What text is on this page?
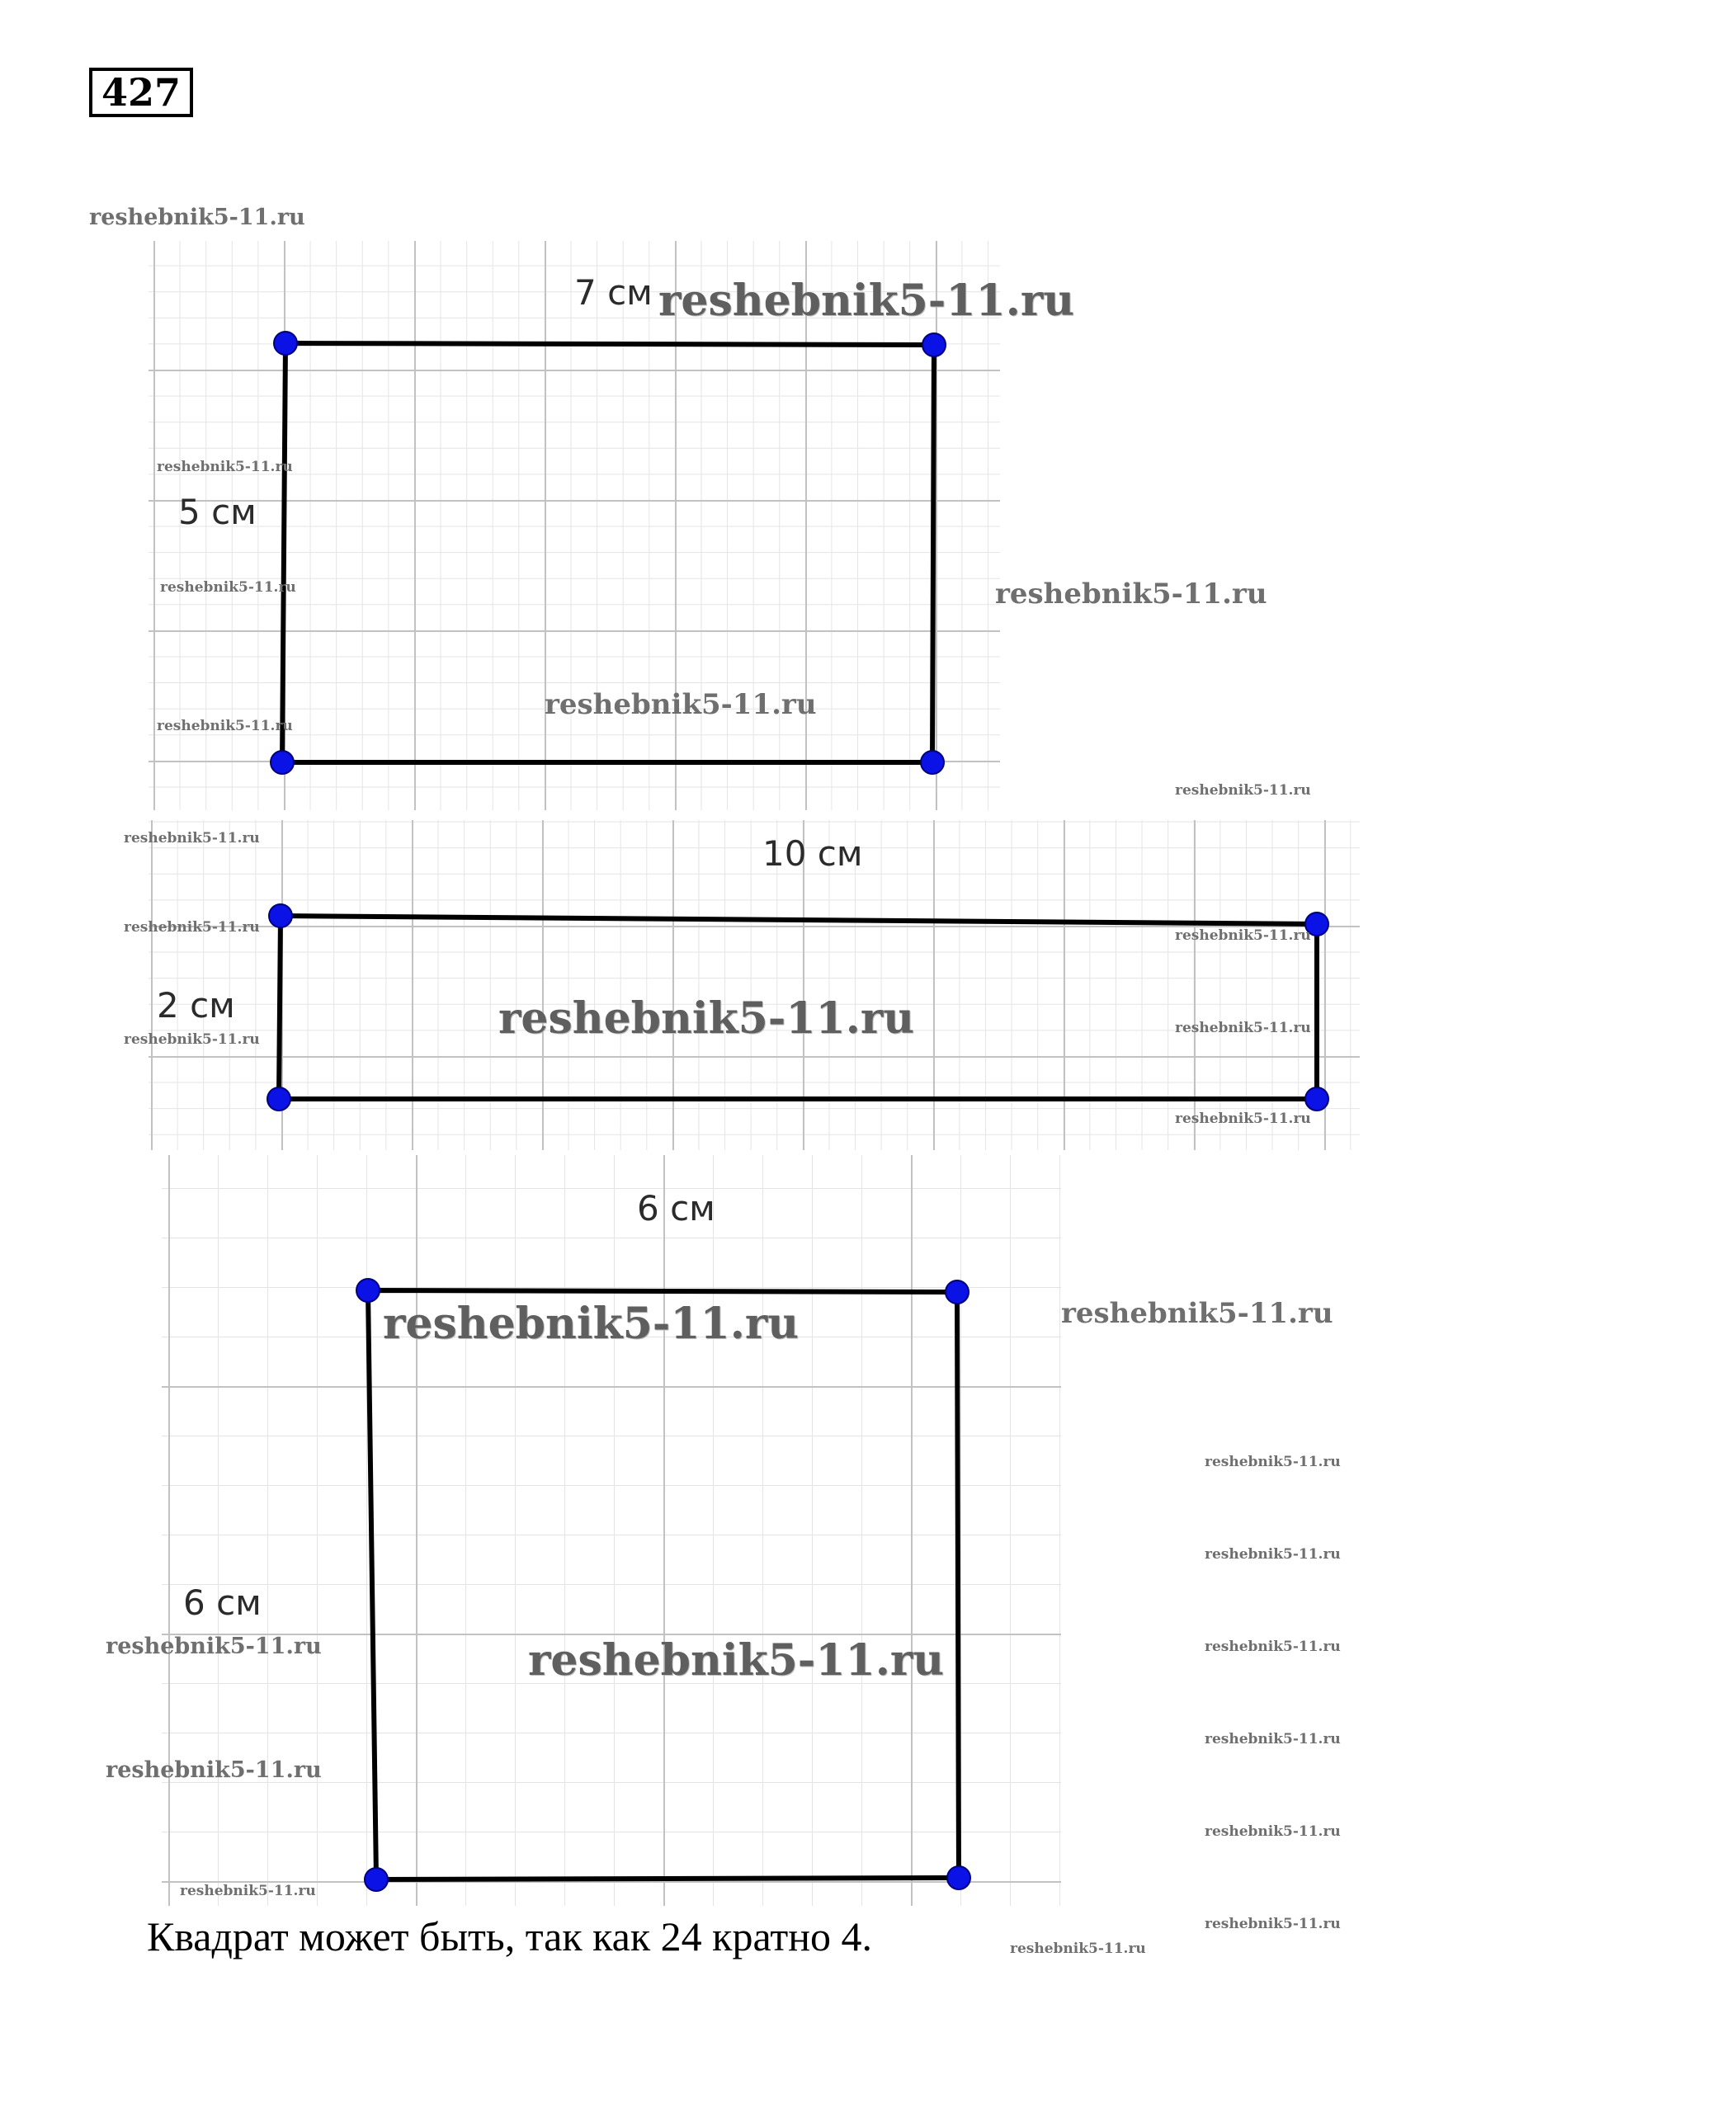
427
7 см
5 см
10 см
2 см
6 см
6 см
reshebnik5-11.ru
reshebnik5-11.ru
reshebnik5-11.ru
reshebnik5-11.ru	reshebnik5-11.ru
reshebnik5-11.ru
reshebnik5-11.ru
reshebnik5-11.ru
reshebnik5-11.ru
reshebnik5-11.ru	reshebnik5-11.ru
reshebnik5-11.ru	reshebnik5-11.ru
reshebnik5-11.ru
reshebnik5-11.ru
reshebnik5-11.ru	reshebnik5-11.ru
reshebnik5-11.ru
reshebnik5-11.ru
reshebnik5-11.ru	reshebnik5-11.ru	reshebnik5-11.ru
reshebnik5-11.ru
reshebnik5-11.ru
reshebnik5-11.ru
reshebnik5-11.ru
reshebnik5-11.ru
reshebnik5-11.ru
Квадрат может быть, так как 24 кратно 4.
